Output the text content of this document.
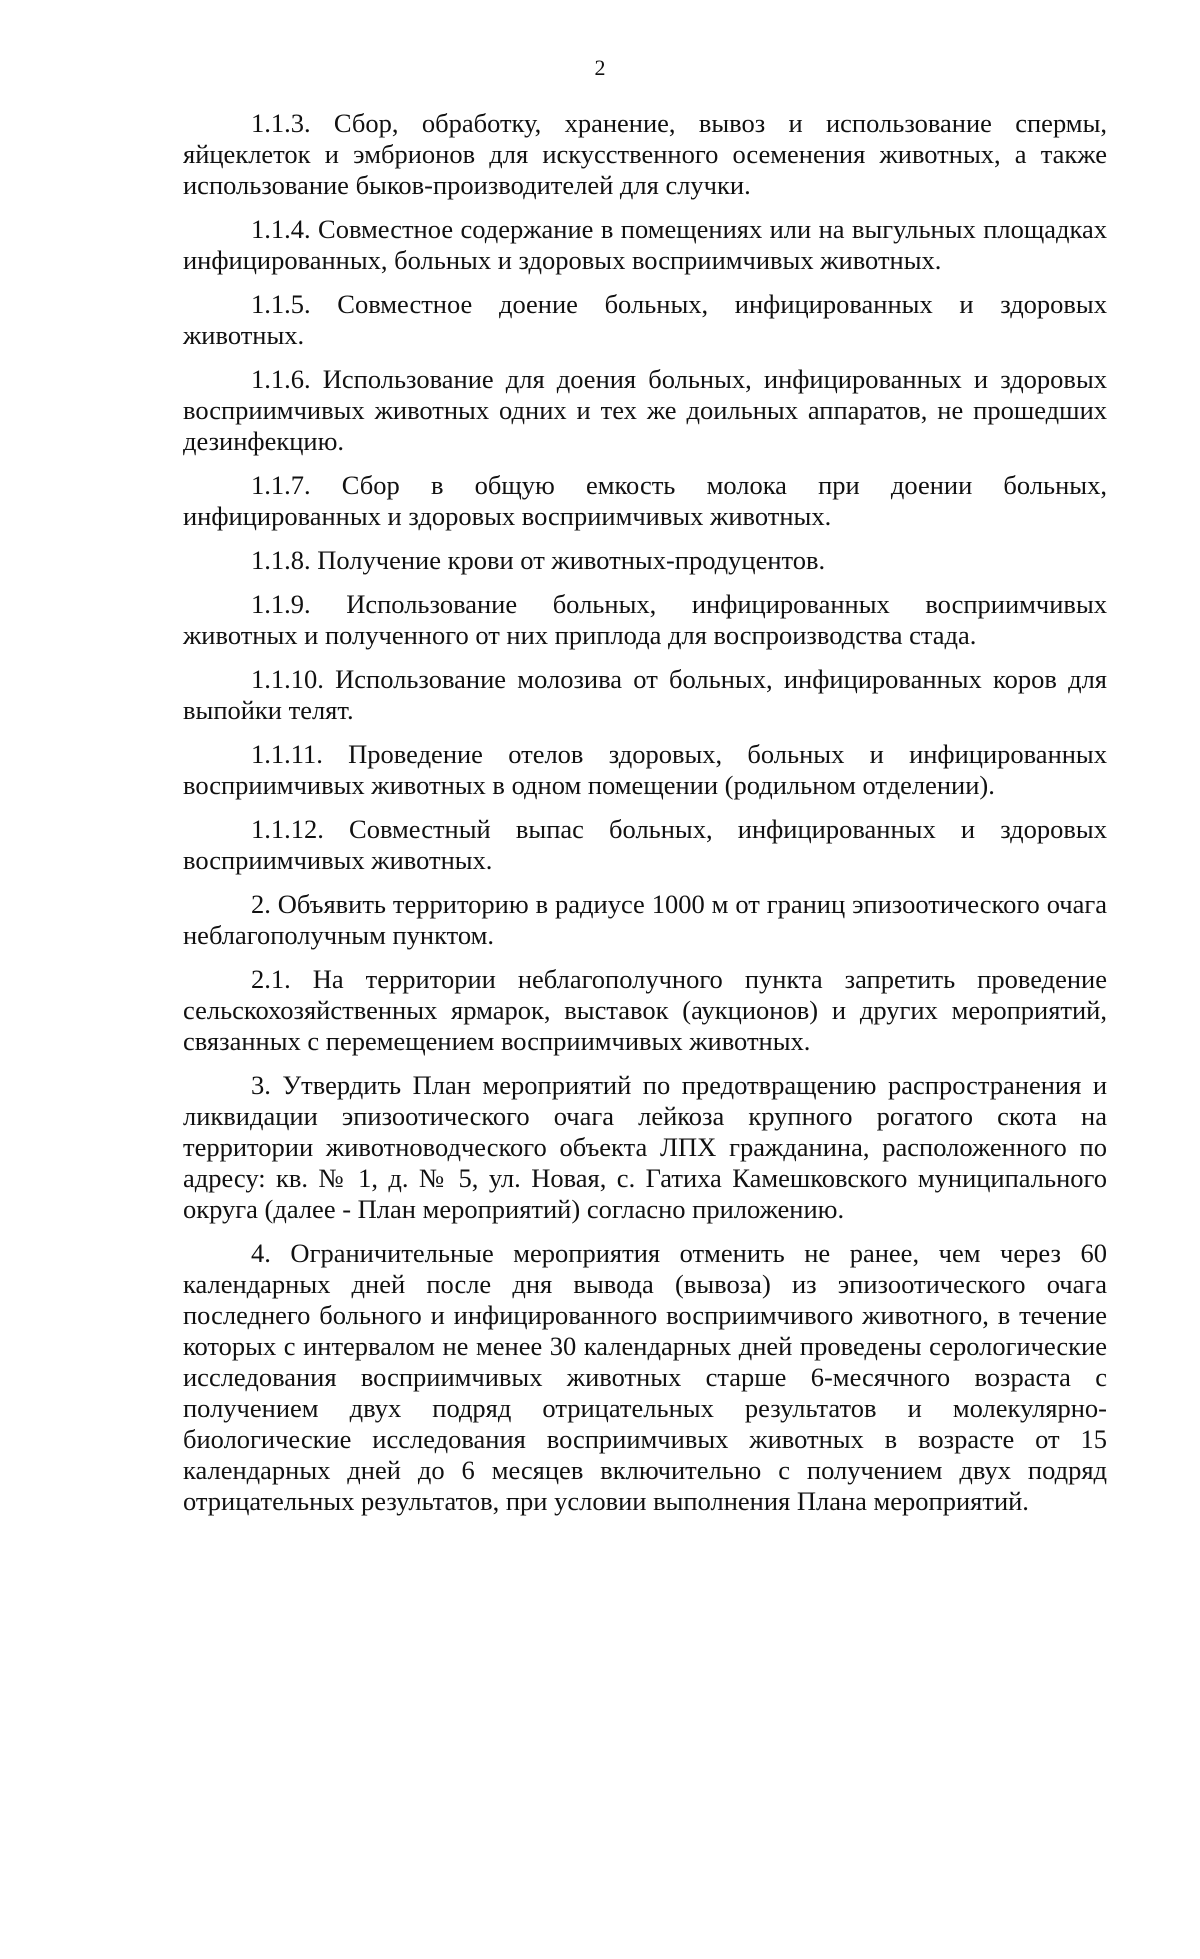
2

1.1.3. Сбор, обработку, хранение, вывоз и использование спермы, яйцеклеток и эмбрионов для искусственного осеменения животных, а также использование быков-производителей для случки.

1.1.4. Совместное содержание в помещениях или на выгульных площадках инфицированных, больных и здоровых восприимчивых животных.

1.1.5. Совместное доение больных, инфицированных и здоровых животных.

1.1.6. Использование для доения больных, инфицированных и здоровых восприимчивых животных одних и тех же доильных аппаратов, не прошедших дезинфекцию.

1.1.7. Сбор в общую емкость молока при доении больных, инфицированных и здоровых восприимчивых животных.

1.1.8. Получение крови от животных-продуцентов.

1.1.9. Использование больных, инфицированных восприимчивых животных и полученного от них приплода для воспроизводства стада.

1.1.10. Использование молозива от больных, инфицированных коров для выпойки телят.

1.1.11. Проведение отелов здоровых, больных и инфицированных восприимчивых животных в одном помещении (родильном отделении).

1.1.12. Совместный выпас больных, инфицированных и здоровых восприимчивых животных.

2. Объявить территорию в радиусе 1000 м от границ эпизоотического очага неблагополучным пунктом.

2.1. На территории неблагополучного пункта запретить проведение сельскохозяйственных ярмарок, выставок (аукционов) и других мероприятий, связанных с перемещением восприимчивых животных.

3. Утвердить План мероприятий по предотвращению распространения и ликвидации эпизоотического очага лейкоза крупного рогатого скота на территории животноводческого объекта ЛПХ гражданина, расположенного по адресу: кв. № 1, д. № 5, ул. Новая, с. Гатиха Камешковского муниципального округа (далее - План мероприятий) согласно приложению.

4. Ограничительные мероприятия отменить не ранее, чем через 60 календарных дней после дня вывода (вывоза) из эпизоотического очага последнего больного и инфицированного восприимчивого животного, в течение которых с интервалом не менее 30 календарных дней проведены серологические исследования восприимчивых животных старше 6-месячного возраста с получением двух подряд отрицательных результатов и молекулярно-биологические исследования восприимчивых животных в возрасте от 15 календарных дней до 6 месяцев включительно с получением двух подряд отрицательных результатов, при условии выполнения Плана мероприятий.
